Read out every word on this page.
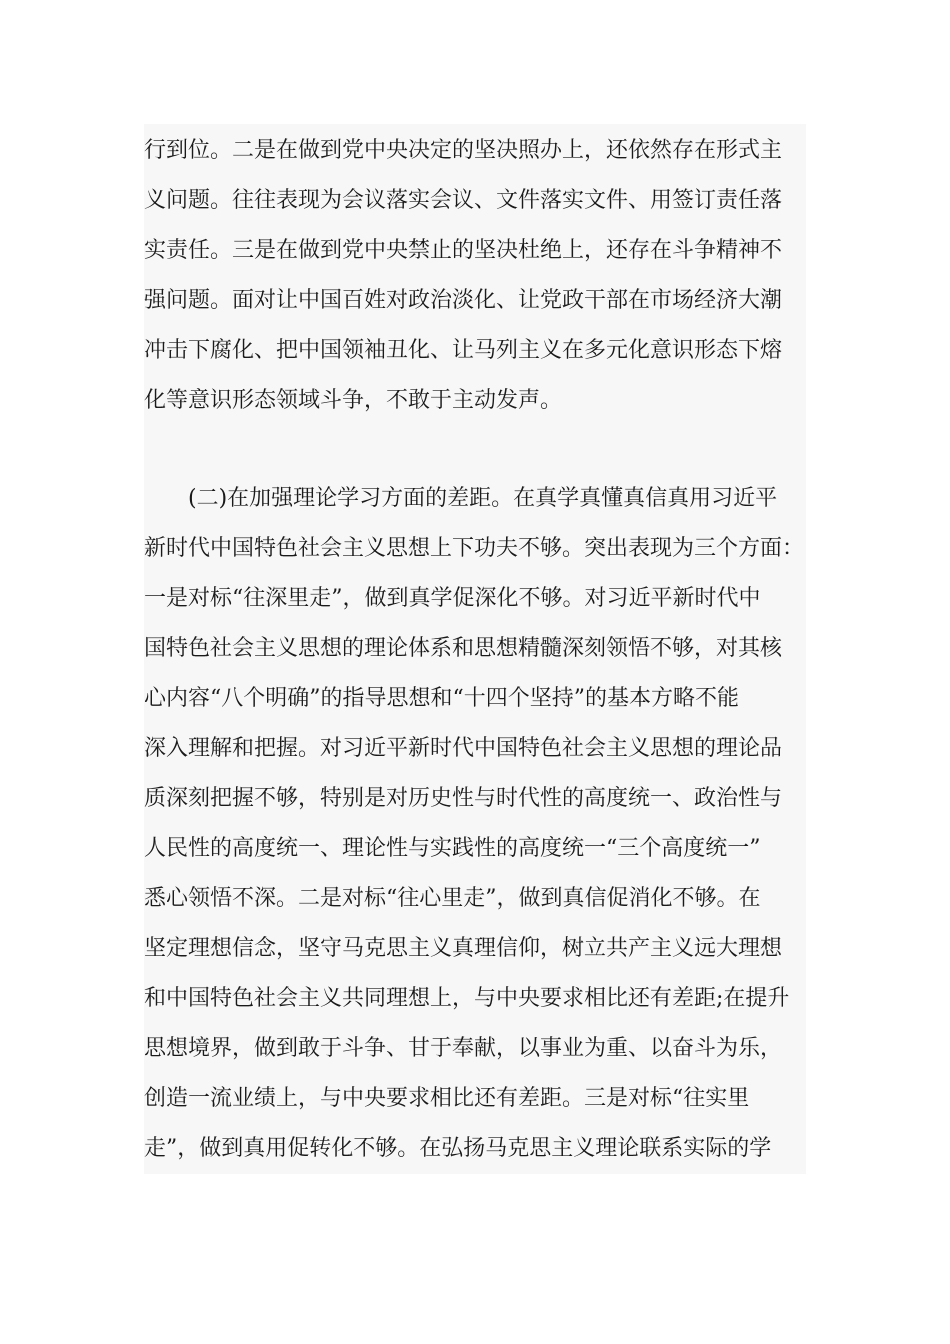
行到位。二是在做到党中央决定的坚决照办上，还依然存在形式主
义问题。往往表现为会议落实会议、文件落实文件、用签订责任落
实责任。三是在做到党中央禁止的坚决杜绝上，还存在斗争精神不
强问题。面对让中国百姓对政治淡化、让党政干部在市场经济大潮
冲击下腐化、把中国领袖丑化、让马列主义在多元化意识形态下熔
化等意识形态领域斗争，不敢于主动发声。
(二)在加强理论学习方面的差距。在真学真懂真信真用习近平
新时代中国特色社会主义思想上下功夫不够。突出表现为三个方面：
一是对标“往深里走”，做到真学促深化不够。对习近平新时代中
国特色社会主义思想的理论体系和思想精髓深刻领悟不够，对其核
心内容“八个明确”的指导思想和“十四个坚持”的基本方略不能
深入理解和把握。对习近平新时代中国特色社会主义思想的理论品
质深刻把握不够，特别是对历史性与时代性的高度统一、政治性与
人民性的高度统一、理论性与实践性的高度统一“三个高度统一”
悉心领悟不深。二是对标“往心里走”，做到真信促消化不够。在
坚定理想信念，坚守马克思主义真理信仰，树立共产主义远大理想
和中国特色社会主义共同理想上，与中央要求相比还有差距;在提升
思想境界，做到敢于斗争、甘于奉献，以事业为重、以奋斗为乐，
创造一流业绩上，与中央要求相比还有差距。三是对标“往实里
走”，做到真用促转化不够。在弘扬马克思主义理论联系实际的学
